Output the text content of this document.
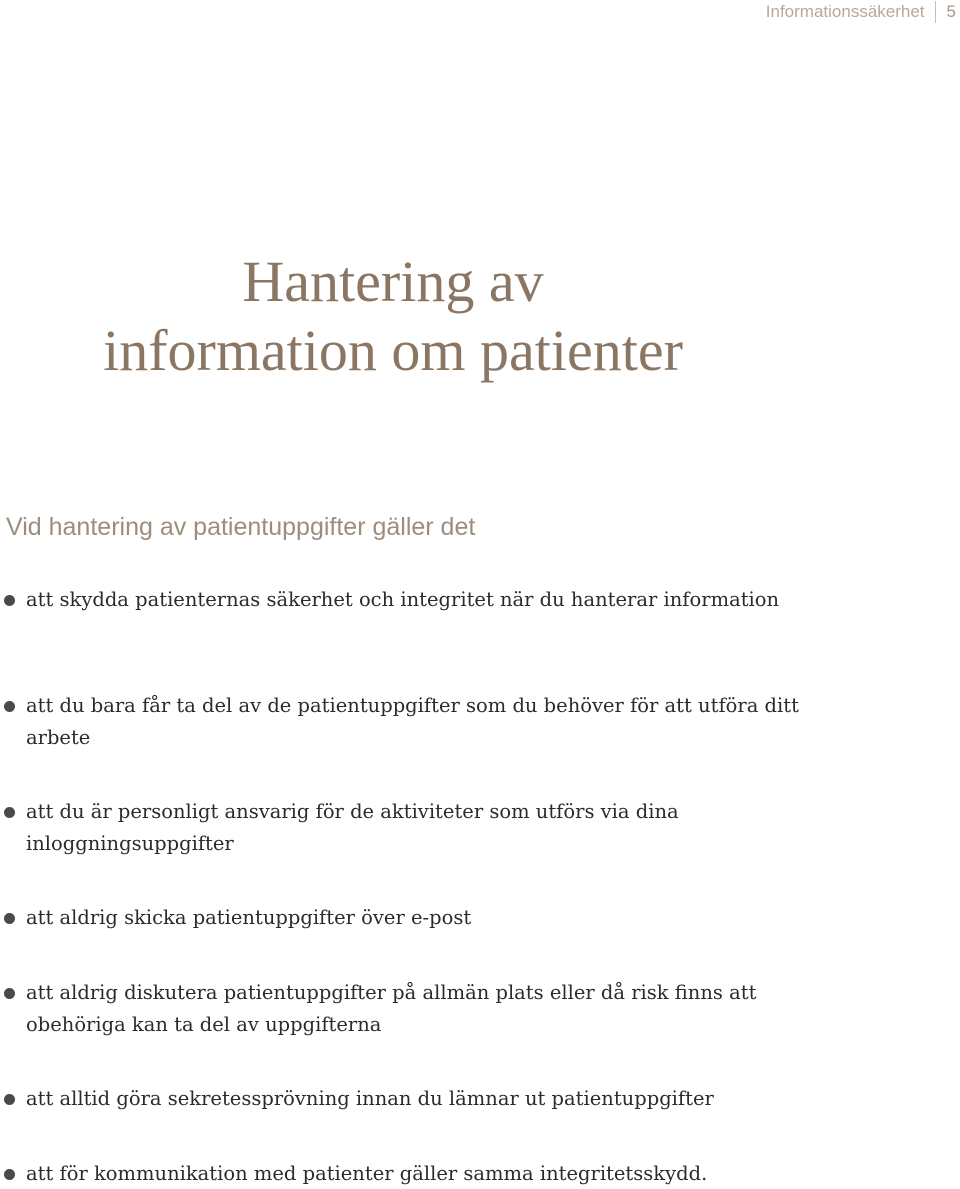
Informationssäkerhet	5
Hantering av
information om patienter

Vid hantering av patientuppgifter gäller det

att skydda patienternas säkerhet och integritet när du hanterar information
att du bara får ta del av de patientuppgifter som du behöver för att utföra ditt arbete
att du är personligt ansvarig för de aktiviteter som utförs via dina inloggningsuppgifter
att aldrig skicka patientuppgifter över e-post
att aldrig diskutera patientuppgifter på allmän plats eller då risk finns att obehöriga kan ta del av uppgifterna
att alltid göra sekretessprövning innan du lämnar ut patientuppgifter
att för kommunikation med patienter gäller samma integritetsskydd.
